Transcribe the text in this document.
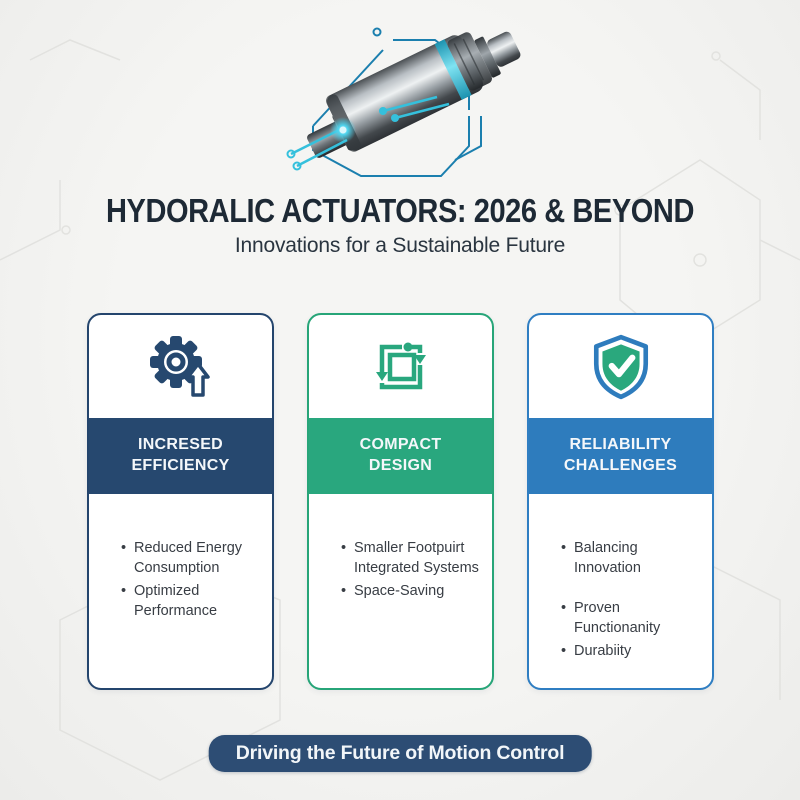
HYDORALIC ACTUATORS: 2026 & BEYOND
Innovations for a Sustainable Future
INCRESED
EFFICIENCY
• Reduced Energy
Consumption
• Optimized Performance
COMPACT
DESIGN
• Smaller Footpuirt
Integrated Systems
• Space-Saving
RELIABILITY
CHALLENGES
• Balancing Innovation
• Proven Functionanity
• Durabiity
Driving the Future of Motion Control
